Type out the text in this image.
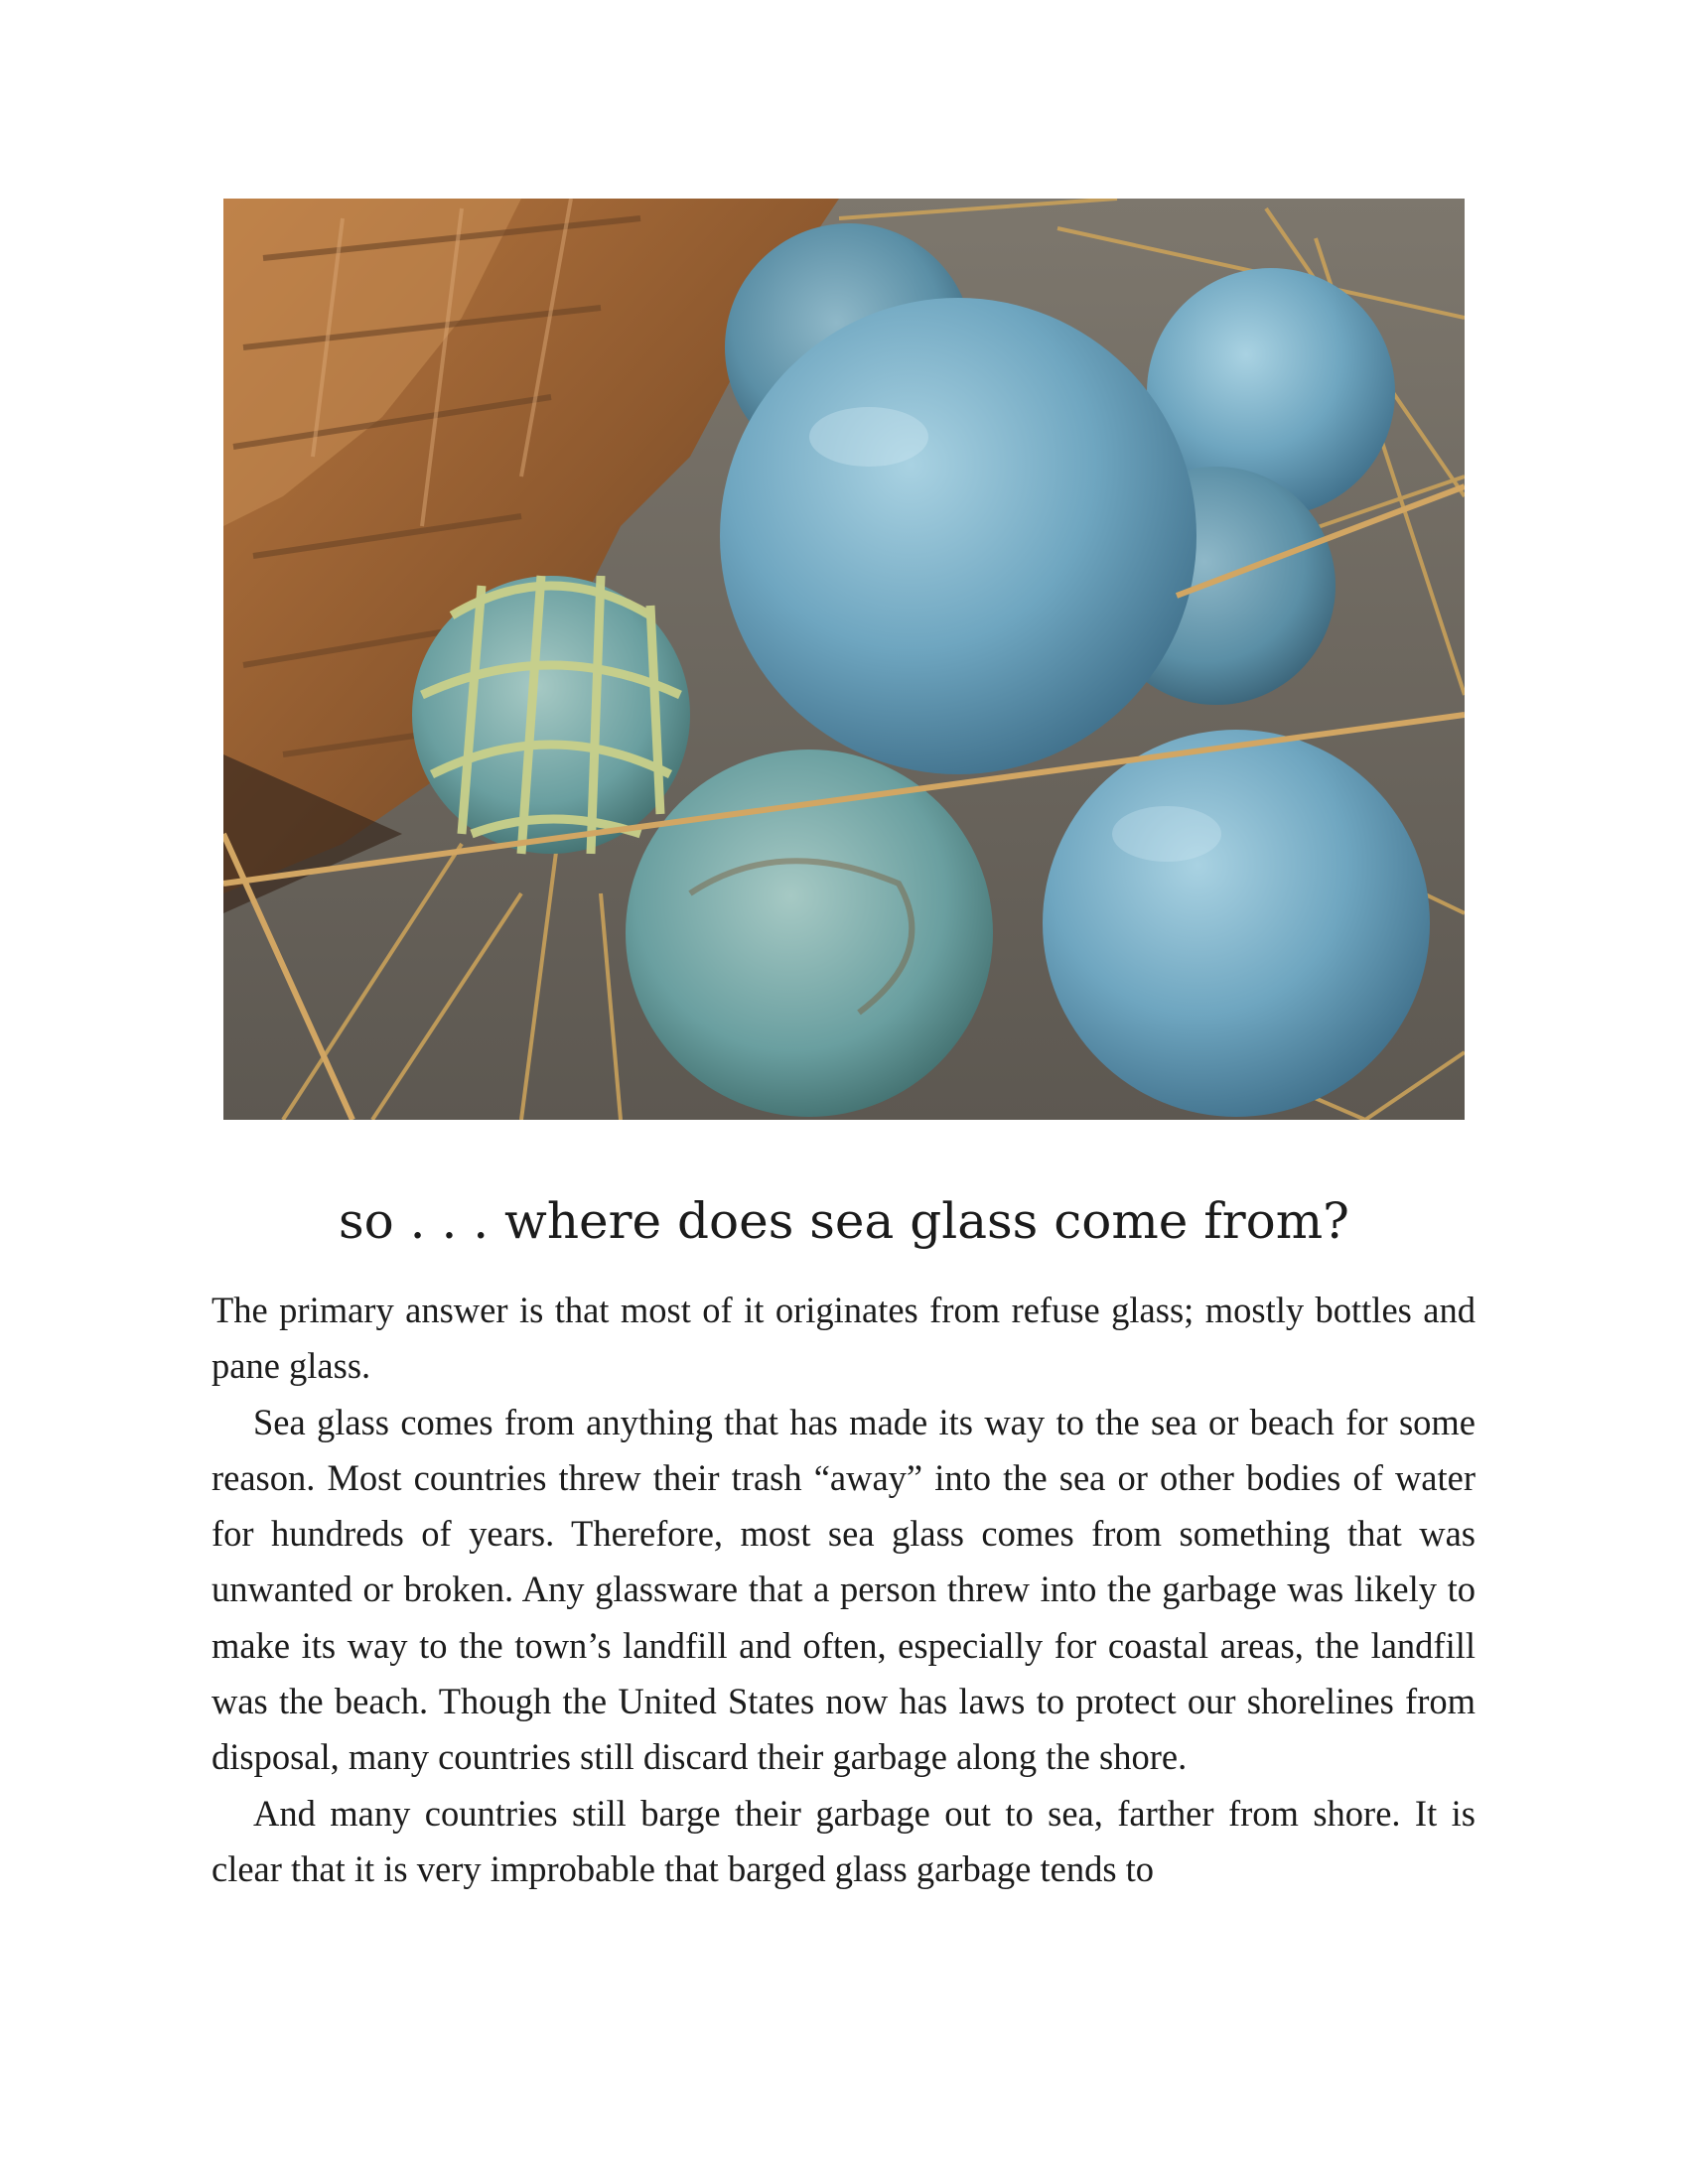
so . . . where does sea glass come from?

The primary answer is that most of it originates from refuse glass; mostly bottles and pane glass.

Sea glass comes from anything that has made its way to the sea or beach for some reason. Most countries threw their trash “away” into the sea or other bodies of water for hundreds of years. Therefore, most sea glass comes from something that was unwanted or broken. Any glassware that a person threw into the garbage was likely to make its way to the town’s landfill and often, especially for coastal areas, the landfill was the beach. Though the United States now has laws to protect our shorelines from disposal, many countries still discard their garbage along the shore.

And many countries still barge their garbage out to sea, farther from shore. It is clear that it is very improbable that barged glass garbage tends to
